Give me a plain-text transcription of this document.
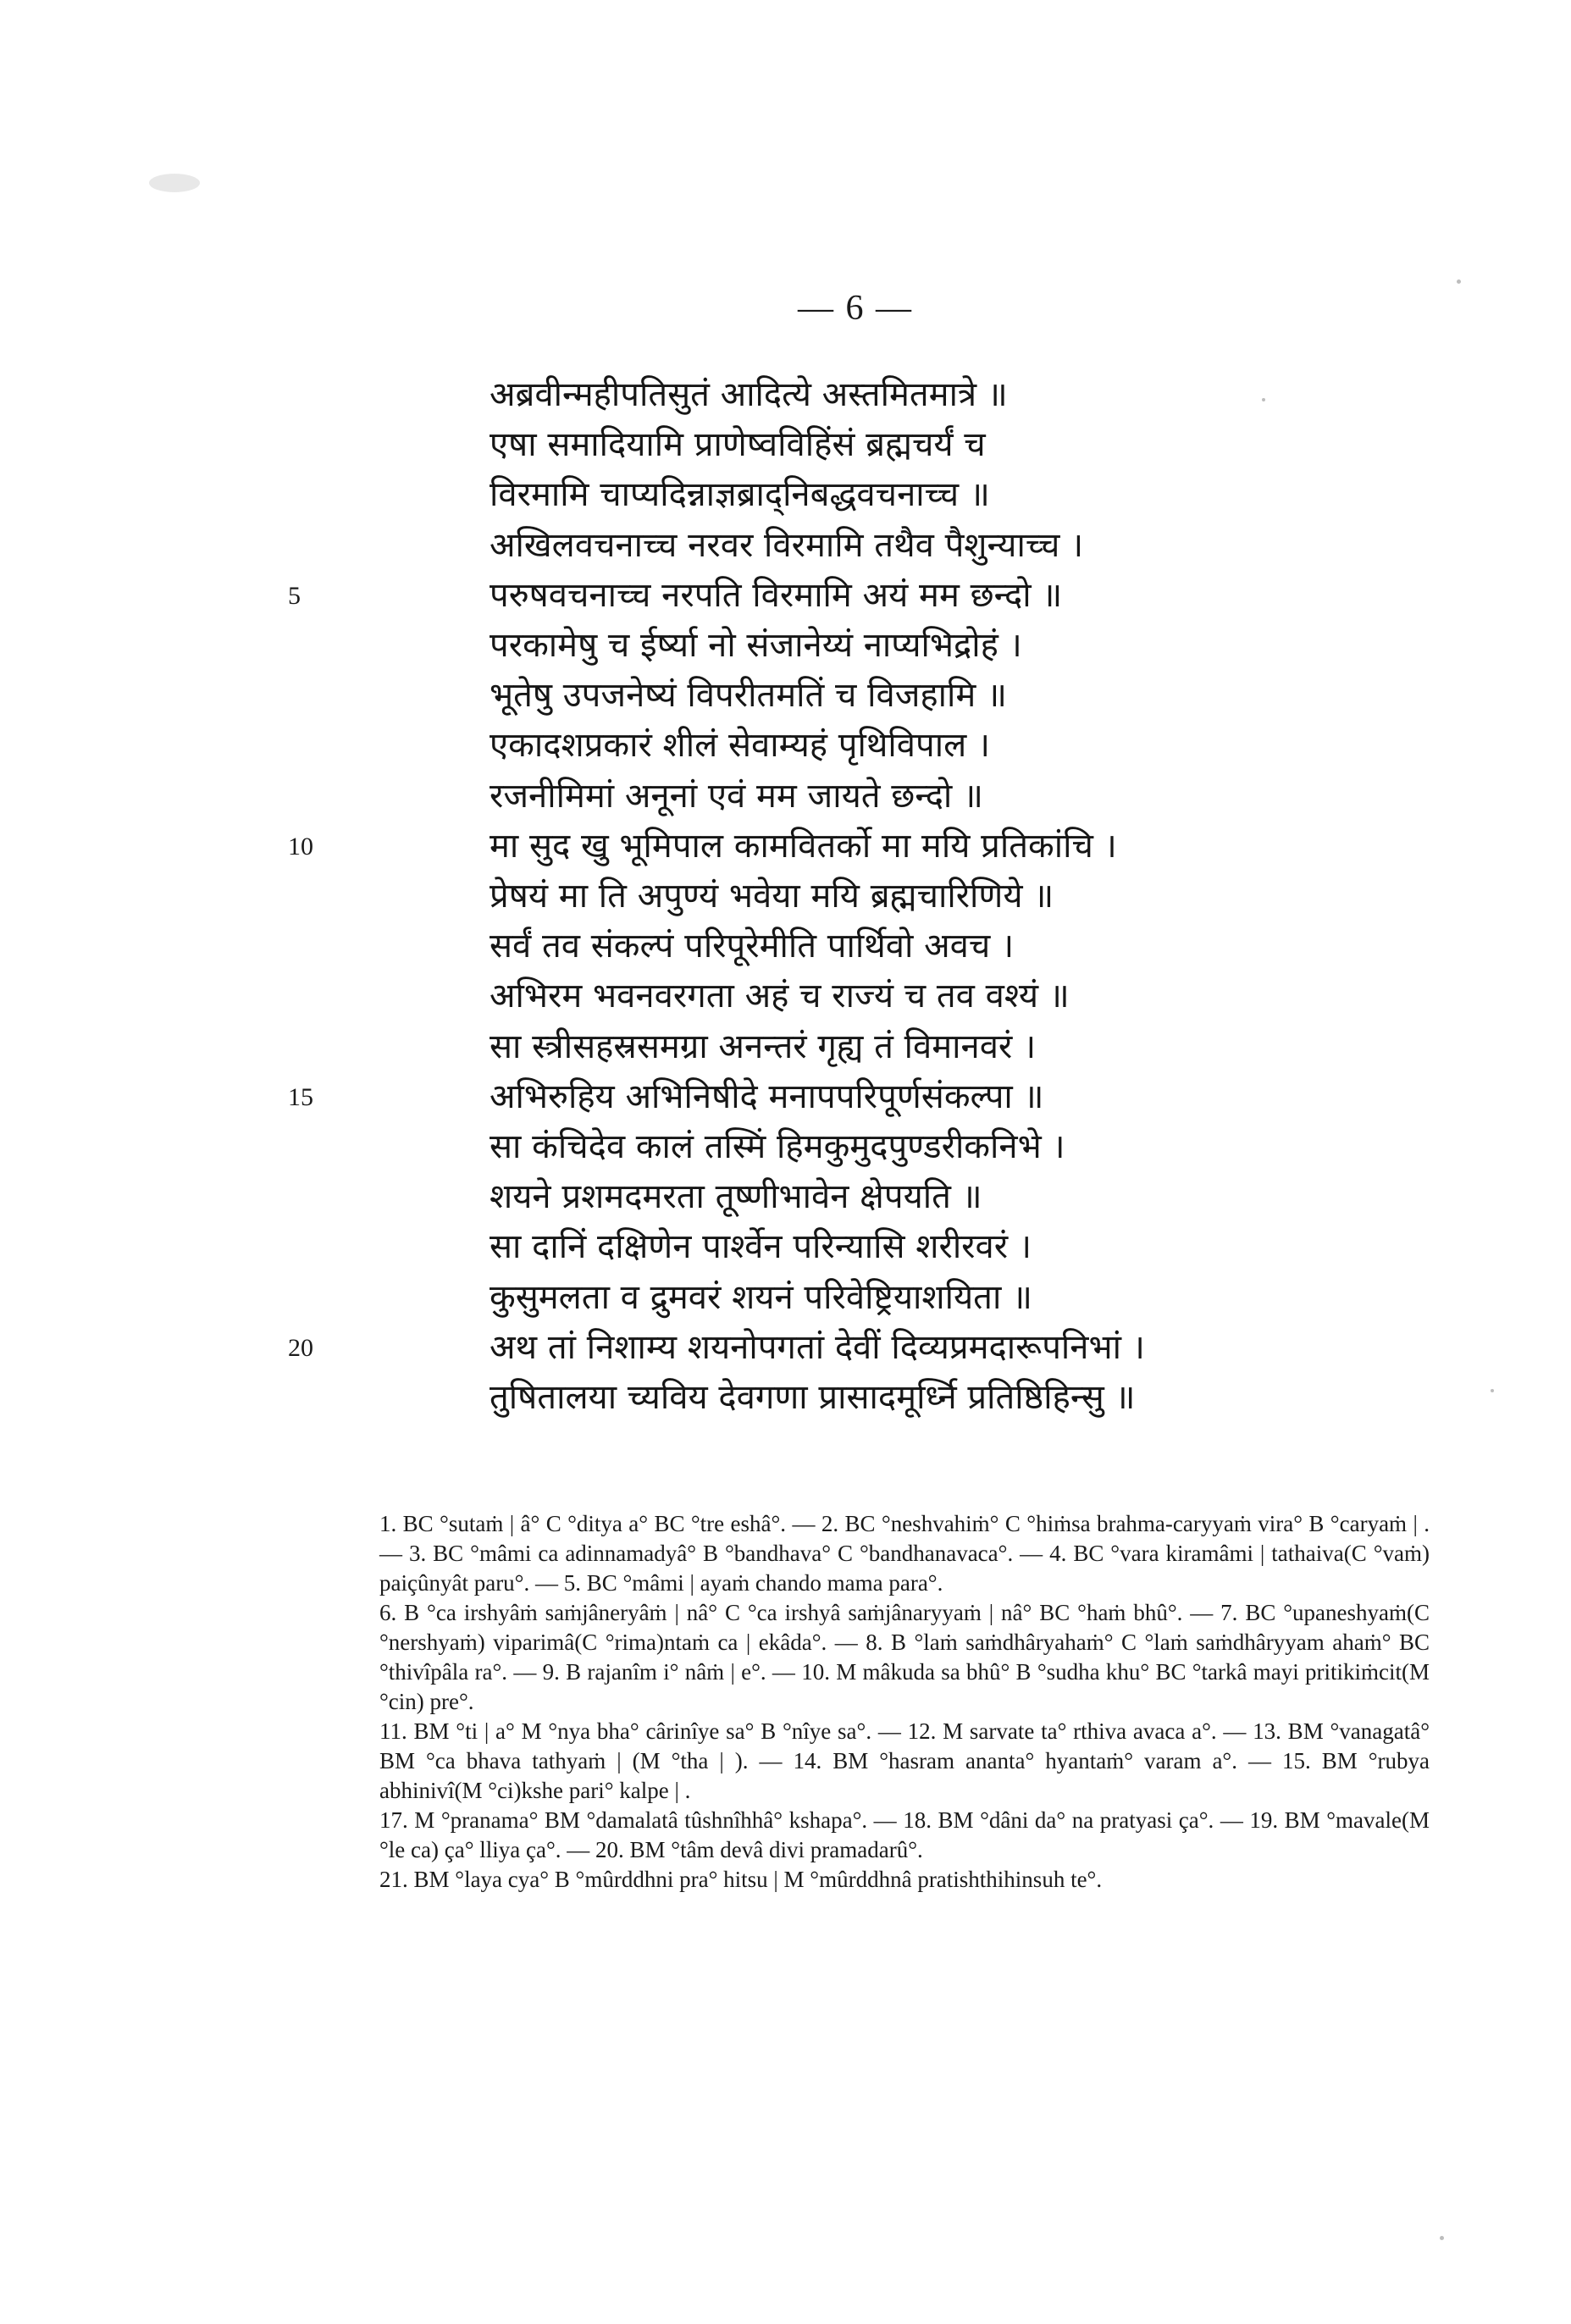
— 6 —
अब्रवीन्महीपतिसुतं आदित्ये अस्तमितमात्रे ॥
एषा समादियामि प्राणेष्वविहिंसं ब्रह्मचर्यं च
विरमामि चाप्यदिन्नाज्ञब्राद्निबद्धवचनाच्च ॥
अखिलवचनाच्च नरवर विरमामि तथैव पैशुन्याच्च ।
परुषवचनाच्च नरपति विरमामि अयं मम छन्दो ॥
5
परकामेषु च ईर्ष्या नो संजानेय्यं नाप्यभिद्रोहं ।
भूतेषु उपजनेष्यं विपरीतमतिं च विजहामि ॥
एकादशप्रकारं शीलं सेवाम्यहं पृथिविपाल ।
रजनीमिमां अनूनां एवं मम जायते छन्दो ॥
मा सुद खु भूमिपाल कामवितर्को मा मयि प्रतिकांचि ।
10
प्रेषयं मा ति अपुण्यं भवेया मयि ब्रह्मचारिणिये ॥
सर्वं तव संकल्पं परिपूरेमीति पार्थिवो अवच ।
अभिरम भवनवरगता अहं च राज्यं च तव वश्यं ॥
सा स्त्रीसहस्रसमग्रा अनन्तरं गृह्य तं विमानवरं ।
अभिरुहिय अभिनिषीदे मनापपरिपूर्णसंकल्पा ॥
15
सा कंचिदेव कालं तस्मिं हिमकुमुदपुण्डरीकनिभे ।
शयने प्रशमदमरता तूष्णीभावेन क्षेपयति ॥
सा दानिं दक्षिणेन पार्श्वेन परिन्यासि शरीरवरं ।
कुसुमलता व द्रुमवरं शयनं परिवेष्ट्रियाशयिता ॥
अथ तां निशाम्य शयनोपगतां देवीं दिव्यप्रमदारूपनिभां ।
20
तुषितालया च्यविय देवगणा प्रासादमूर्ध्नि प्रतिष्ठिहिन्सु ॥

1. BC °sutaṁ | â° C °ditya a° BC °tre eshâ°. — 2. BC °neshvahiṁ° C °hiṁsa brahma-caryyaṁ vira° B °caryaṁ | . — 3. BC °mâmi ca adinnamadyâ° B °bandhava° C °bandhanavaca°. — 4. BC °vara kiramâmi | tathaiva(C °vaṁ) paiçûnyât paru°. — 5. BC °mâmi | ayaṁ chando mama para°.

6. B °ca irshyâṁ saṁjâneryâṁ | nâ° C °ca irshyâ saṁjânaryyaṁ | nâ° BC °haṁ bhû°. — 7. BC °upaneshyaṁ(C °nershyaṁ) viparimâ(C °rima)ntaṁ ca | ekâda°. — 8. B °laṁ saṁdhâryahaṁ° C °laṁ saṁdhâryyam ahaṁ° BC °thivîpâla ra°. — 9. B rajanîm i° nâṁ | e°. — 10. M mâkuda sa bhû° B °sudha khu° BC °tarkâ mayi pritikiṁcit(M °cin) pre°.

11. BM °ti | a° M °nya bha° cârinîye sa° B °nîye sa°. — 12. M sarvate ta° rthiva avaca a°. — 13. BM °vanagatâ° BM °ca bhava tathyaṁ | (M °tha | ). — 14. BM °hasram ananta° hyantaṁ° varam a°. — 15. BM °rubya abhinivî(M °ci)kshe pari° kalpe | .

17. M °pranama° BM °damalatâ tûshnîhhâ° kshapa°. — 18. BM °dâni da° na pratyasi ça°. — 19. BM °mavale(M °le ca) ça° lliya ça°. — 20. BM °tâm devâ divi pramadarû°.

21. BM °laya cya° B °mûrddhni pra° hitsu | M °mûrddhnâ pratishthihinsuh te°.
